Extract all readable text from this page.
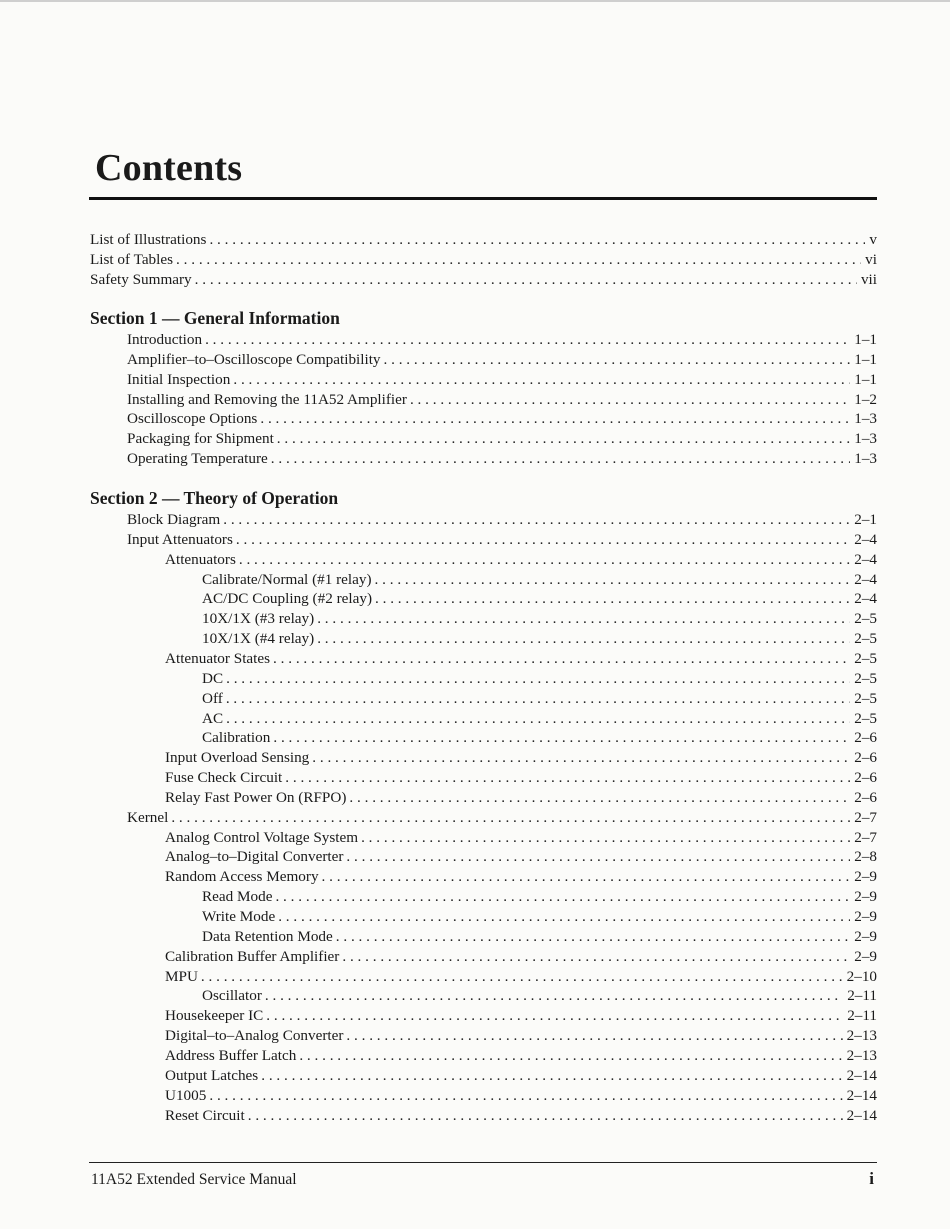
Contents
List of Illustrations . . .	v
List of Tables . . .	vi
Safety Summary . . .	vii
Section 1 — General Information
Introduction . . .	1–1
Amplifier–to–Oscilloscope Compatibility . . .	1–1
Initial Inspection . . .	1–1
Installing and Removing the 11A52 Amplifier . . .	1–2
Oscilloscope Options . . .	1–3
Packaging for Shipment . . .	1–3
Operating Temperature . . .	1–3
Section 2 — Theory of Operation
Block Diagram . . .	2–1
Input Attenuators . . .	2–4
Attenuators . . .	2–4
Calibrate/Normal (#1 relay) . . .	2–4
AC/DC Coupling (#2 relay) . . .	2–4
10X/1X (#3 relay) . . .	2–5
10X/1X (#4 relay) . . .	2–5
Attenuator States . . .	2–5
DC . . .	2–5
Off . . .	2–5
AC . . .	2–5
Calibration . . .	2–6
Input Overload Sensing . . .	2–6
Fuse Check Circuit . . .	2–6
Relay Fast Power On (RFPO) . . .	2–6
Kernel . . .	2–7
Analog Control Voltage System . . .	2–7
Analog–to–Digital Converter . . .	2–8
Random Access Memory . . .	2–9
Read Mode . . .	2–9
Write Mode . . .	2–9
Data Retention Mode . . .	2–9
Calibration Buffer Amplifier . . .	2–9
MPU . . .	2–10
Oscillator . . .	2–11
Housekeeper IC . . .	2–11
Digital–to–Analog Converter . . .	2–13
Address Buffer Latch . . .	2–13
Output Latches . . .	2–14
U1005 . . .	2–14
Reset Circuit . . .	2–14
11A52 Extended Service Manual	i
